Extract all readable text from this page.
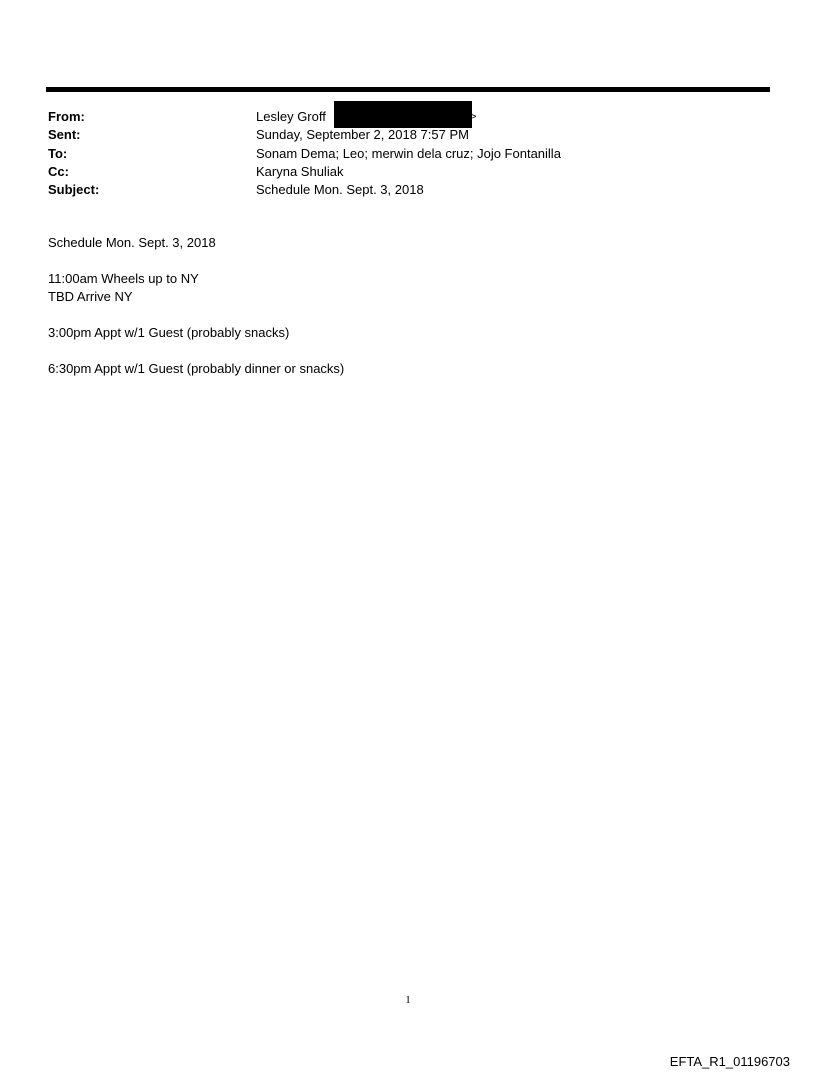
From:	Lesley Groff	>
Sent:	Sunday, September 2, 2018 7:57 PM
To:	Sonam Dema; Leo; merwin dela cruz; Jojo Fontanilla
Cc:	Karyna Shuliak
Subject:	Schedule Mon. Sept. 3, 2018

Schedule Mon. Sept. 3, 2018

11:00am Wheels up to NY
TBD Arrive NY

3:00pm Appt w/1 Guest (probably snacks)

6:30pm Appt w/1 Guest (probably dinner or snacks)

1
EFTA_R1_01196703
